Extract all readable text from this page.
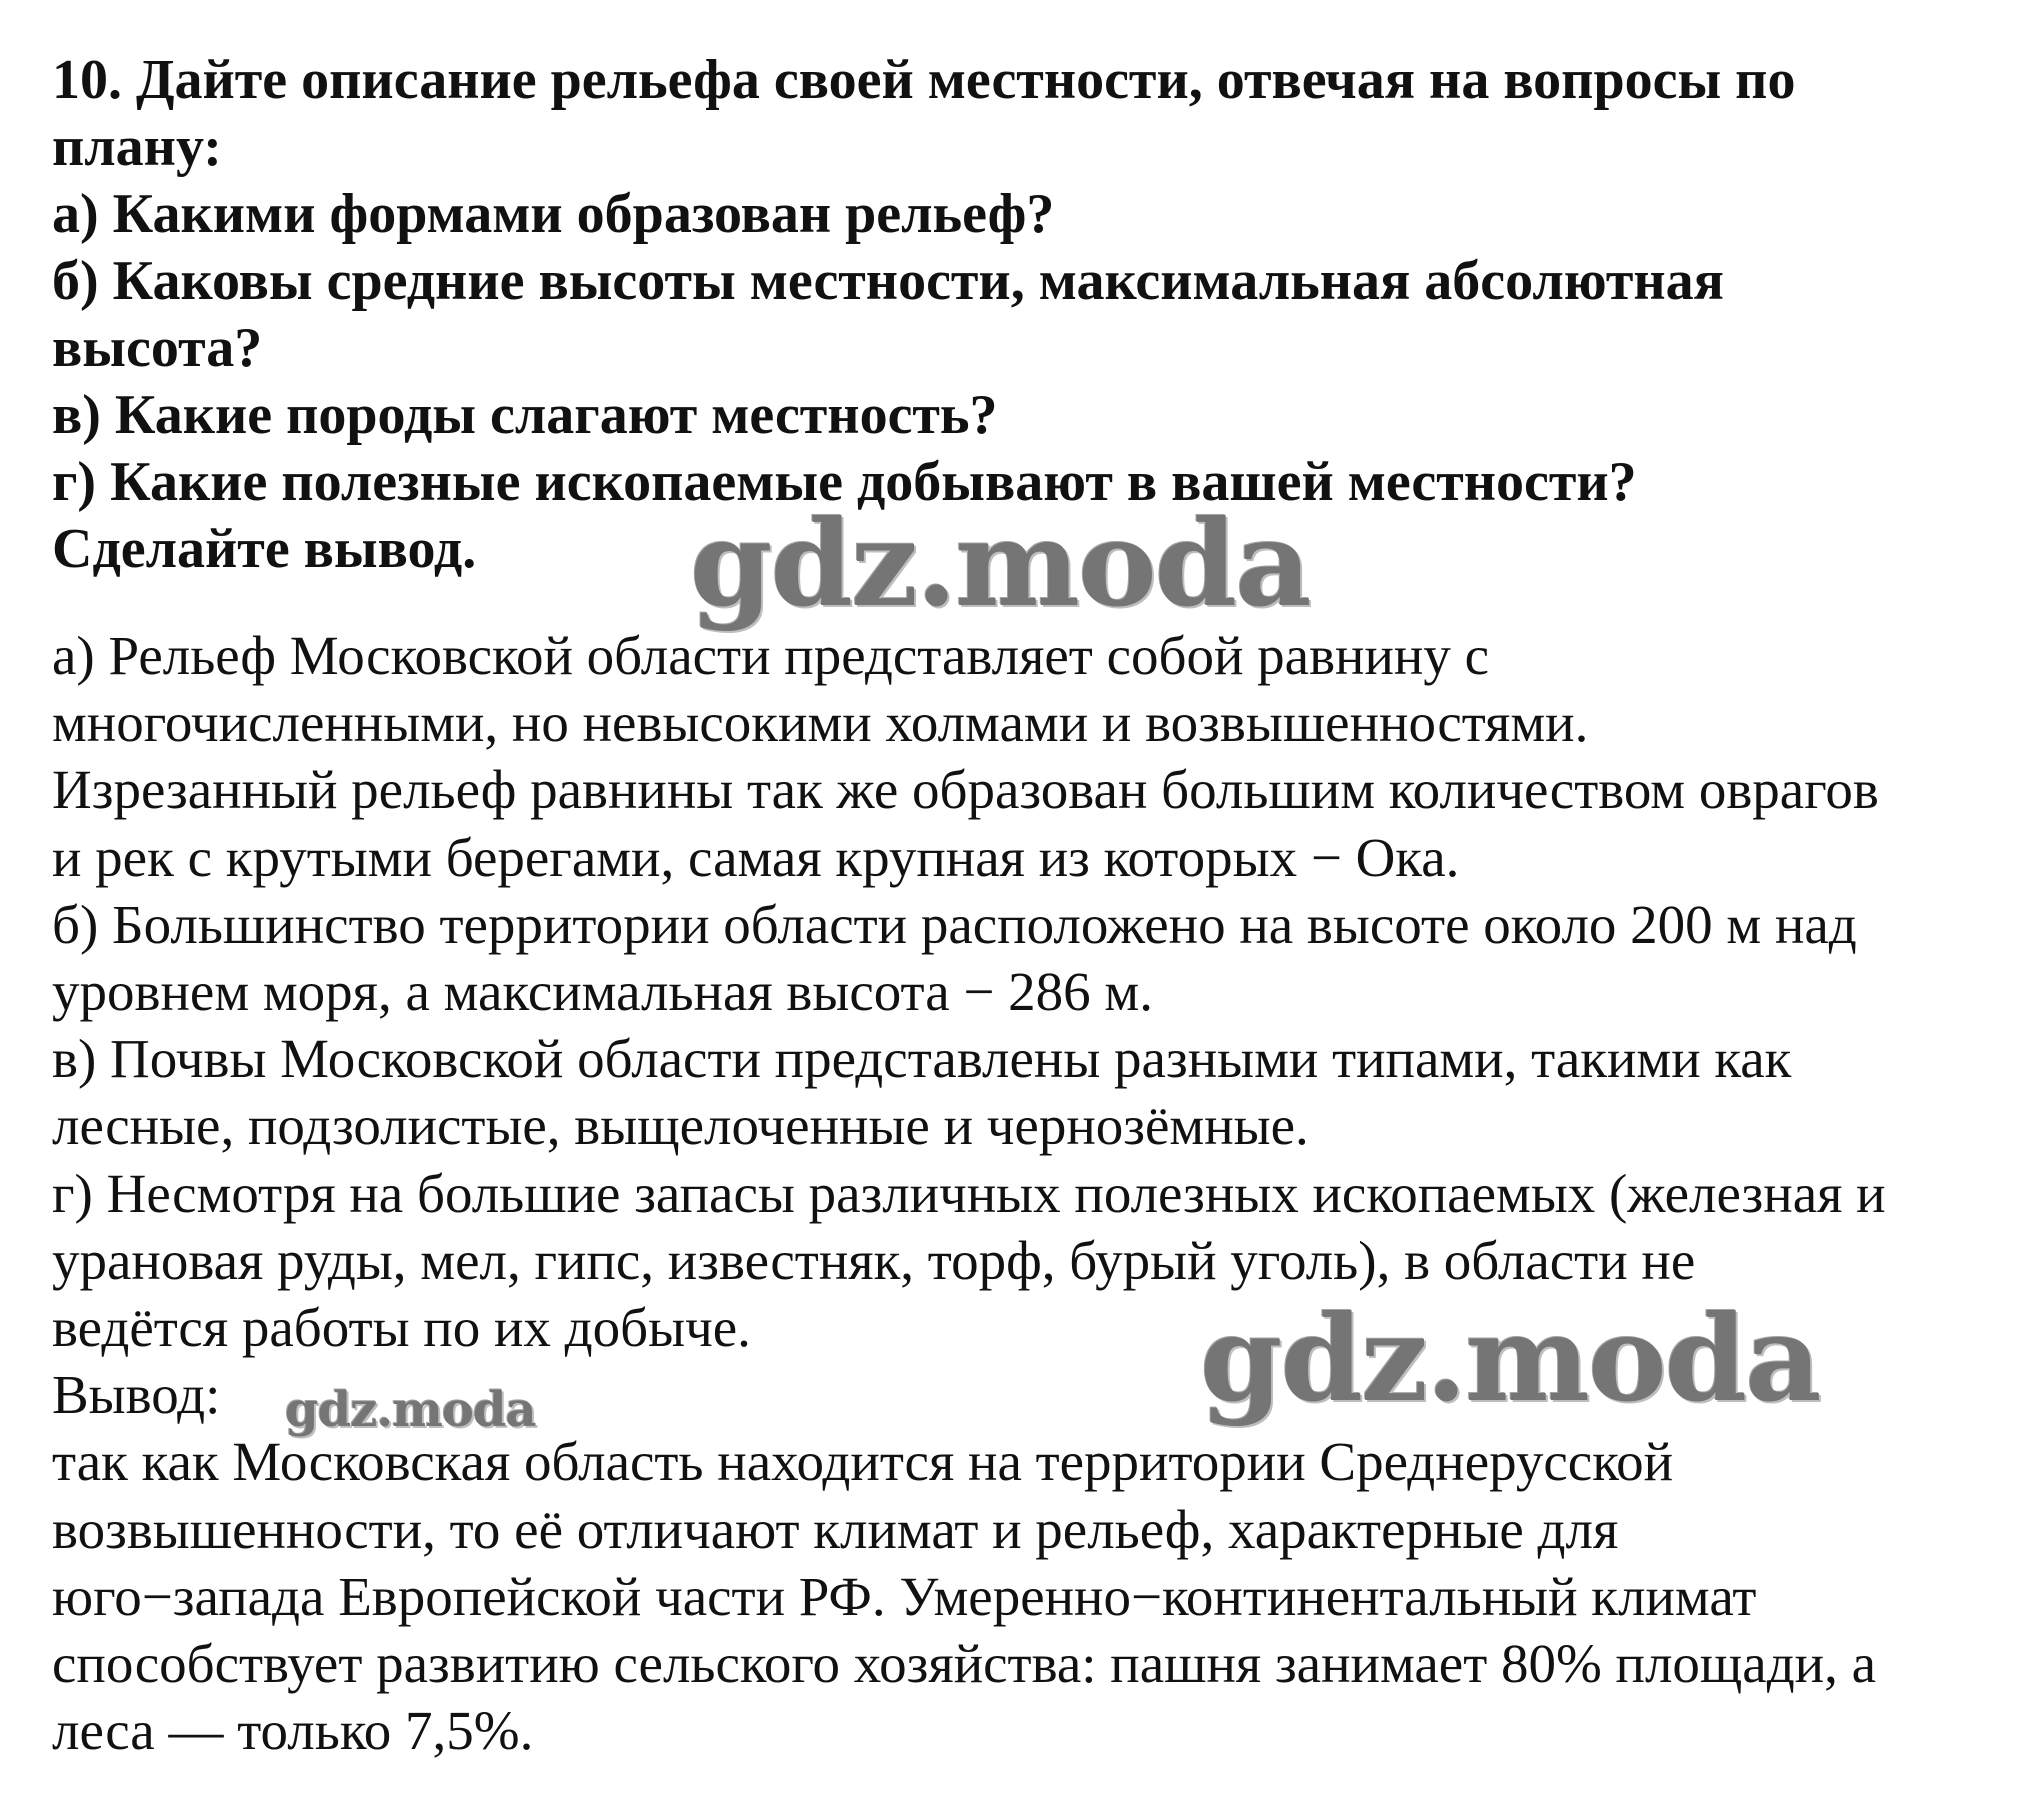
10. Дайте описание рельефа своей местности, отвечая на вопросы по
плану:
а) Какими формами образован рельеф?
б) Каковы средние высоты местности, максимальная абсолютная
высота?
в) Какие породы слагают местность?
г) Какие полезные ископаемые добывают в вашей местности?
Сделайте вывод.
а) Рельеф Московской области представляет собой равнину с
многочисленными, но невысокими холмами и возвышенностями.
Изрезанный рельеф равнины так же образован большим количеством оврагов
и рек с крутыми берегами, самая крупная из которых − Ока.
б) Большинство территории области расположено на высоте около 200 м над
уровнем моря, а максимальная высота − 286 м.
в) Почвы Московской области представлены разными типами, такими как
лесные, подзолистые, выщелоченные и чернозёмные.
г) Несмотря на большие запасы различных полезных ископаемых (железная и
урановая руды, мел, гипс, известняк, торф, бурый уголь), в области не
ведётся работы по их добыче.
Вывод:
так как Московская область находится на территории Среднерусской
возвышенности, то её отличают климат и рельеф, характерные для
юго−запада Европейской части РФ. Умеренно−континентальный климат
способствует развитию сельского хозяйства: пашня занимает 80% площади, а
леса — только 7,5%.
gdz.moda
gdz.moda
gdz.moda
